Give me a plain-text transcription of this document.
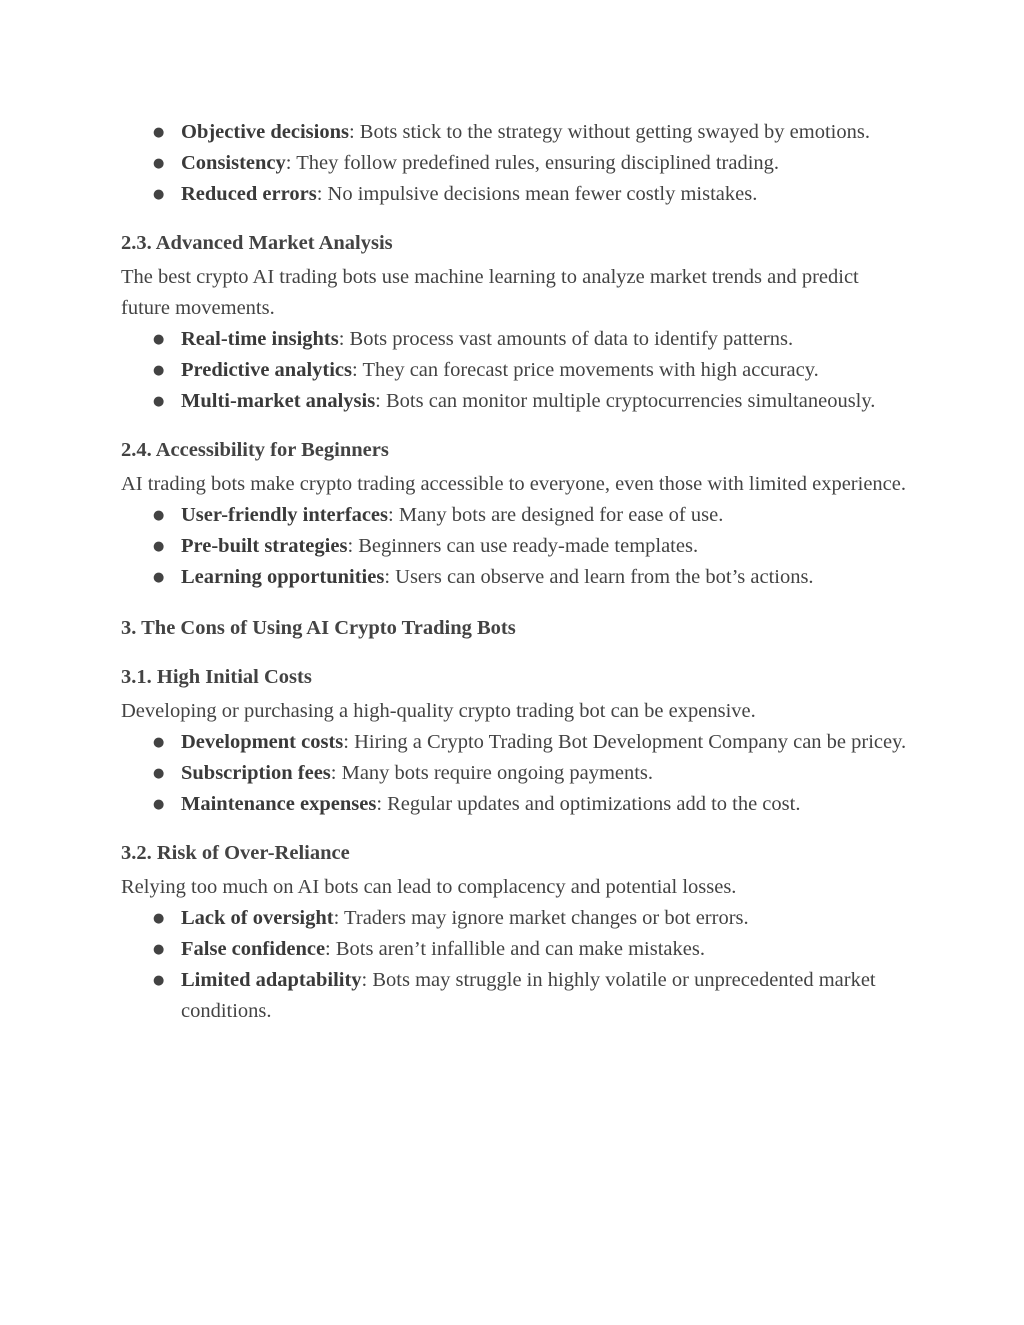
● Objective decisions: Bots stick to the strategy without getting swayed by emotions.
● Consistency: They follow predefined rules, ensuring disciplined trading.
● Reduced errors: No impulsive decisions mean fewer costly mistakes.
2.3. Advanced Market Analysis
The best crypto AI trading bots use machine learning to analyze market trends and predict future movements.
● Real-time insights: Bots process vast amounts of data to identify patterns.
● Predictive analytics: They can forecast price movements with high accuracy.
● Multi-market analysis: Bots can monitor multiple cryptocurrencies simultaneously.
2.4. Accessibility for Beginners
AI trading bots make crypto trading accessible to everyone, even those with limited experience.
● User-friendly interfaces: Many bots are designed for ease of use.
● Pre-built strategies: Beginners can use ready-made templates.
● Learning opportunities: Users can observe and learn from the bot’s actions.
3. The Cons of Using AI Crypto Trading Bots
3.1. High Initial Costs
Developing or purchasing a high-quality crypto trading bot can be expensive.
● Development costs: Hiring a Crypto Trading Bot Development Company can be pricey.
● Subscription fees: Many bots require ongoing payments.
● Maintenance expenses: Regular updates and optimizations add to the cost.
3.2. Risk of Over-Reliance
Relying too much on AI bots can lead to complacency and potential losses.
● Lack of oversight: Traders may ignore market changes or bot errors.
● False confidence: Bots aren’t infallible and can make mistakes.
● Limited adaptability: Bots may struggle in highly volatile or unprecedented market conditions.
